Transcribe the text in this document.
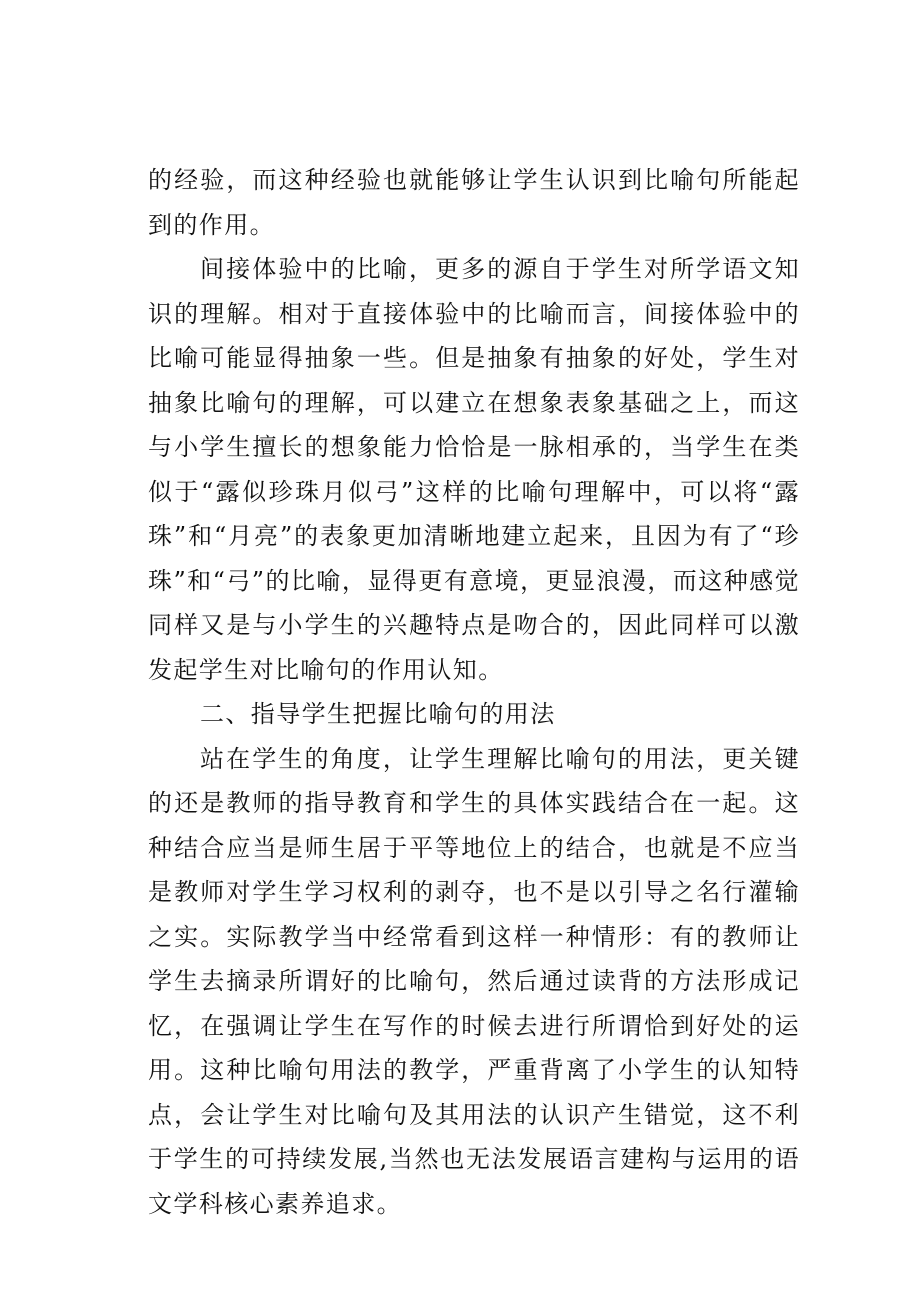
的经验，而这种经验也就能够让学生认识到比喻句所能起到的作用。

间接体验中的比喻，更多的源自于学生对所学语文知识的理解。相对于直接体验中的比喻而言，间接体验中的比喻可能显得抽象一些。但是抽象有抽象的好处，学生对抽象比喻句的理解，可以建立在想象表象基础之上，而这与小学生擅长的想象能力恰恰是一脉相承的，当学生在类似于“露似珍珠月似弓”这样的比喻句理解中，可以将“露珠”和“月亮”的表象更加清晰地建立起来，且因为有了“珍珠”和“弓”的比喻，显得更有意境，更显浪漫，而这种感觉同样又是与小学生的兴趣特点是吻合的，因此同样可以激发起学生对比喻句的作用认知。

二、指导学生把握比喻句的用法

站在学生的角度，让学生理解比喻句的用法，更关键的还是教师的指导教育和学生的具体实践结合在一起。这种结合应当是师生居于平等地位上的结合，也就是不应当是教师对学生学习权利的剥夺，也不是以引导之名行灌输之实。实际教学当中经常看到这样一种情形：有的教师让学生去摘录所谓好的比喻句，然后通过读背的方法形成记忆，在强调让学生在写作的时候去进行所谓恰到好处的运用。这种比喻句用法的教学，严重背离了小学生的认知特点，会让学生对比喻句及其用法的认识产生错觉，这不利于学生的可持续发展,当然也无法发展语言建构与运用的语文学科核心素养追求。
